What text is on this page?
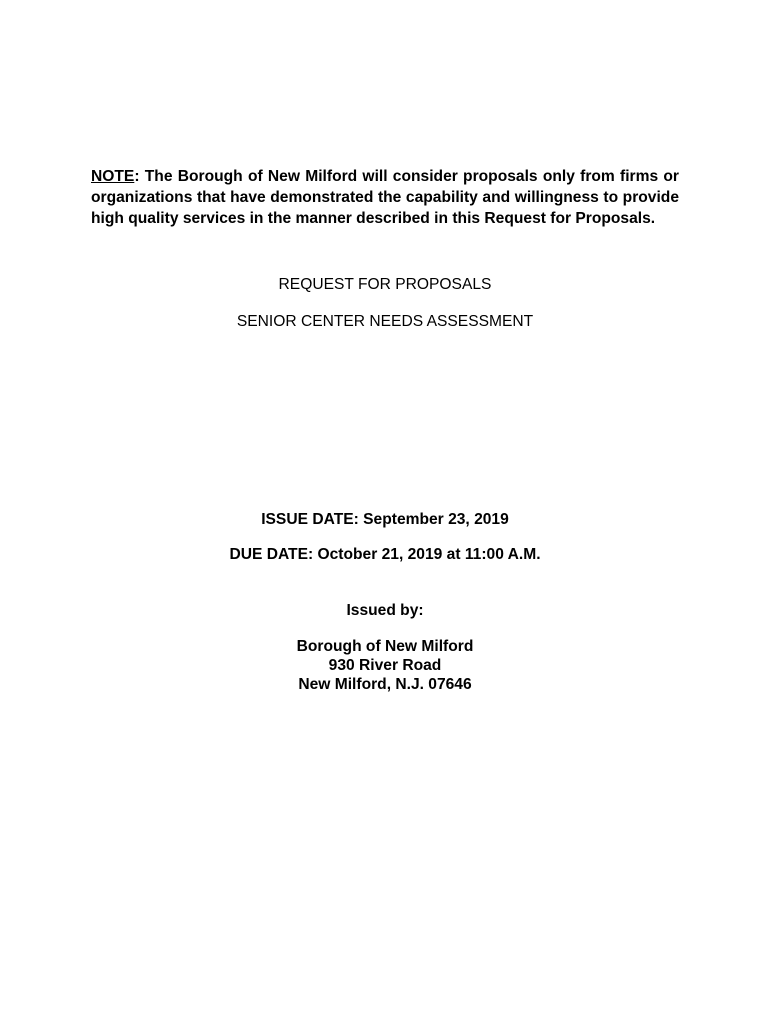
NOTE: The Borough of New Milford will consider proposals only from firms or organizations that have demonstrated the capability and willingness to provide high quality services in the manner described in this Request for Proposals.
REQUEST FOR PROPOSALS
SENIOR CENTER NEEDS ASSESSMENT
ISSUE DATE: September 23, 2019
DUE DATE: October 21, 2019 at 11:00 A.M.
Issued by:
Borough of New Milford
930 River Road
New Milford, N.J. 07646
